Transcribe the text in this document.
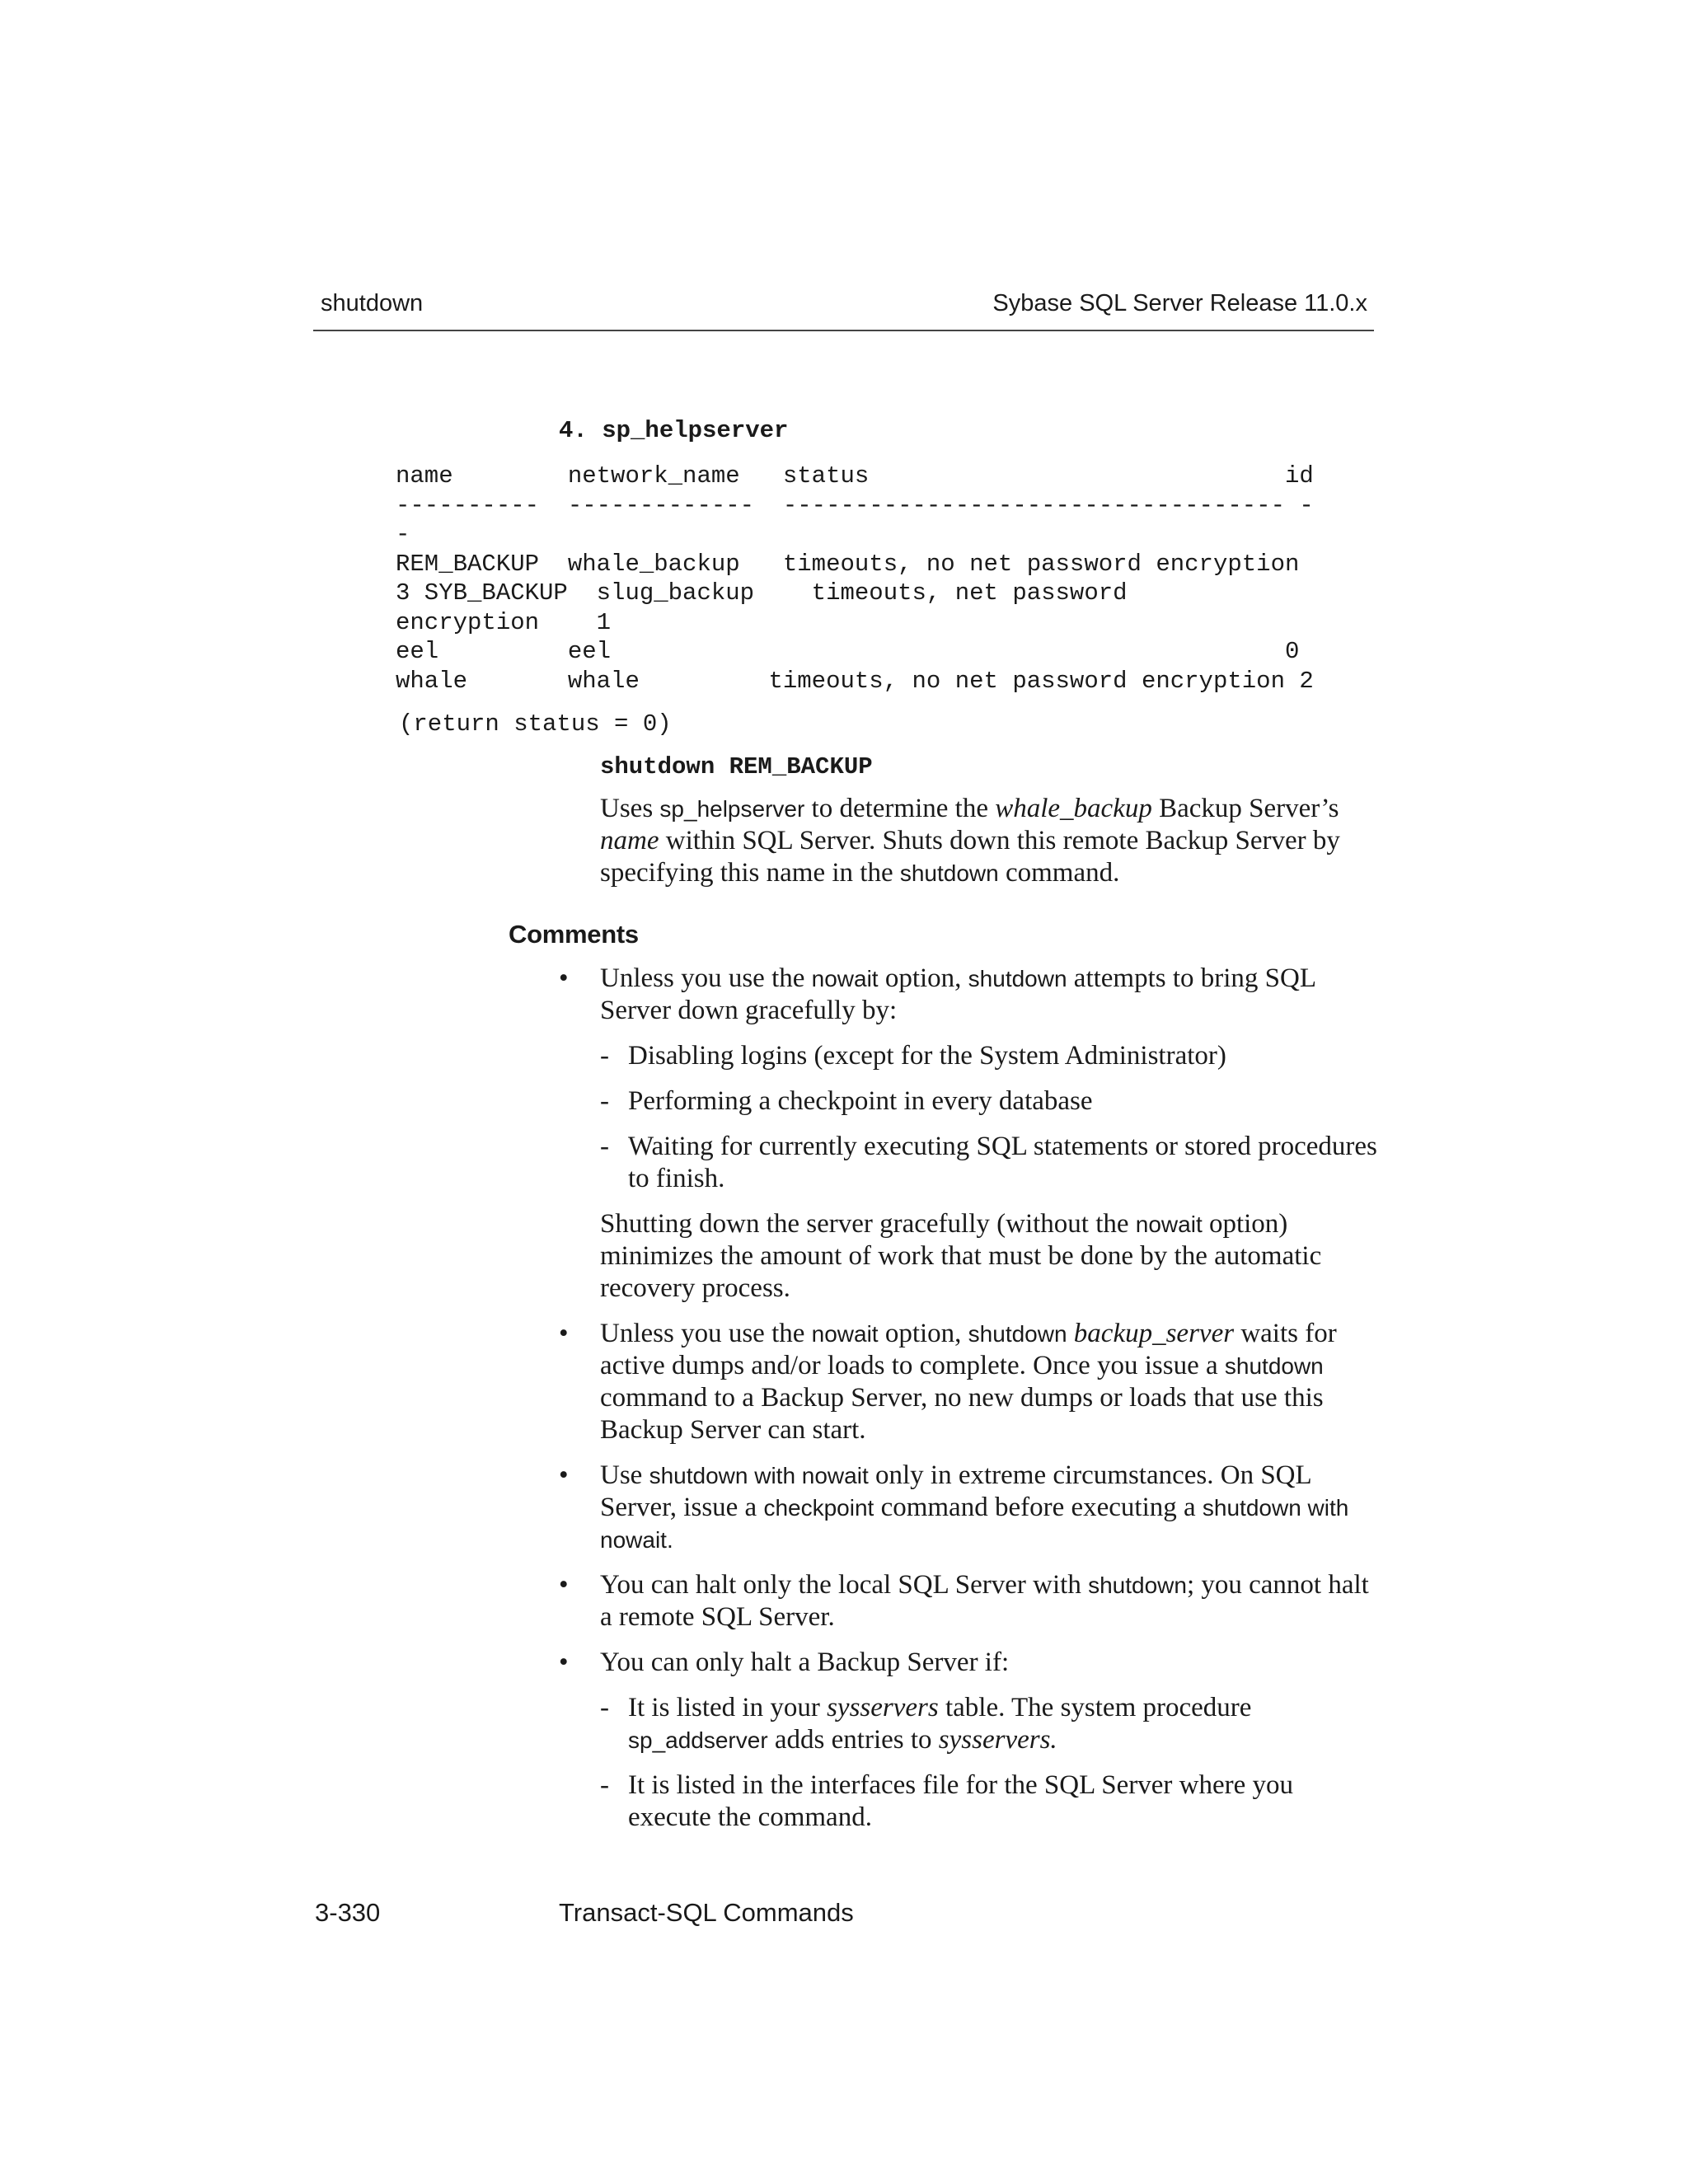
shutdown	Sybase SQL Server Release 11.0.x
4. sp_helpserver
name        network_name   status                             id
----------  -------------  ----------------------------------- -
-
REM_BACKUP  whale_backup   timeouts, no net password encryption
3 SYB_BACKUP  slug_backup    timeouts, net password
encryption    1
eel         eel                                               0
whale       whale         timeouts, no net password encryption 2
(return status = 0)
shutdown REM_BACKUP
Uses sp_helpserver to determine the whale_backup Backup Server’s name within SQL Server. Shuts down this remote Backup Server by specifying this name in the shutdown command.
Comments
• Unless you use the nowait option, shutdown attempts to bring SQL Server down gracefully by:
- Disabling logins (except for the System Administrator)
- Performing a checkpoint in every database
- Waiting for currently executing SQL statements or stored procedures to finish.
Shutting down the server gracefully (without the nowait option) minimizes the amount of work that must be done by the automatic recovery process.
• Unless you use the nowait option, shutdown backup_server waits for active dumps and/or loads to complete. Once you issue a shutdown command to a Backup Server, no new dumps or loads that use this Backup Server can start.
• Use shutdown with nowait only in extreme circumstances. On SQL Server, issue a checkpoint command before executing a shutdown with nowait.
• You can halt only the local SQL Server with shutdown; you cannot halt a remote SQL Server.
• You can only halt a Backup Server if:
- It is listed in your sysservers table. The system procedure sp_addserver adds entries to sysservers.
- It is listed in the interfaces file for the SQL Server where you execute the command.
3-330	Transact-SQL Commands
